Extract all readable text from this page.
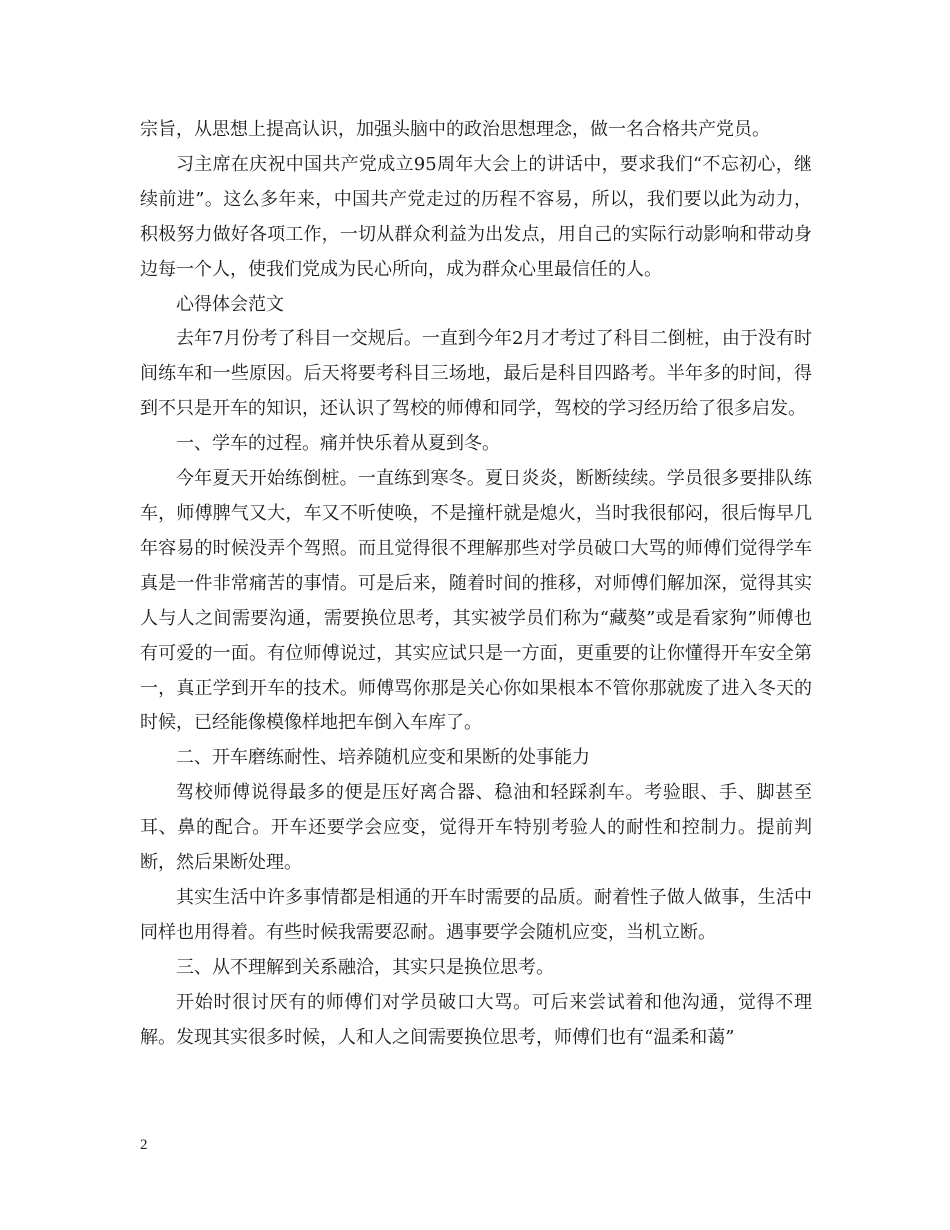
宗旨，从思想上提高认识，加强头脑中的政治思想理念，做一名合格共产党员。

习主席在庆祝中国共产党成立95周年大会上的讲话中，要求我们“不忘初心，继续前进”。这么多年来，中国共产党走过的历程不容易，所以，我们要以此为动力，积极努力做好各项工作，一切从群众利益为出发点，用自己的实际行动影响和带动身边每一个人，使我们党成为民心所向，成为群众心里最信任的人。

心得体会范文

去年7月份考了科目一交规后。一直到今年2月才考过了科目二倒桩，由于没有时间练车和一些原因。后天将要考科目三场地，最后是科目四路考。半年多的时间，得到不只是开车的知识，还认识了驾校的师傅和同学，驾校的学习经历给了很多启发。

一、学车的过程。痛并快乐着从夏到冬。

今年夏天开始练倒桩。一直练到寒冬。夏日炎炎，断断续续。学员很多要排队练车，师傅脾气又大，车又不听使唤，不是撞杆就是熄火，当时我很郁闷，很后悔早几年容易的时候没弄个驾照。而且觉得很不理解那些对学员破口大骂的师傅们觉得学车真是一件非常痛苦的事情。可是后来，随着时间的推移，对师傅们解加深，觉得其实人与人之间需要沟通，需要换位思考，其实被学员们称为“藏獒”或是看家狗”师傅也有可爱的一面。有位师傅说过，其实应试只是一方面，更重要的让你懂得开车安全第一，真正学到开车的技术。师傅骂你那是关心你如果根本不管你那就废了进入冬天的时候，已经能像模像样地把车倒入车库了。

二、开车磨练耐性、培养随机应变和果断的处事能力

驾校师傅说得最多的便是压好离合器、稳油和轻踩刹车。考验眼、手、脚甚至耳、鼻的配合。开车还要学会应变，觉得开车特别考验人的耐性和控制力。提前判断，然后果断处理。

其实生活中许多事情都是相通的开车时需要的品质。耐着性子做人做事，生活中同样也用得着。有些时候我需要忍耐。遇事要学会随机应变，当机立断。

三、从不理解到关系融洽，其实只是换位思考。

开始时很讨厌有的师傅们对学员破口大骂。可后来尝试着和他沟通，觉得不理解。发现其实很多时候，人和人之间需要换位思考，师傅们也有“温柔和蔼”

2
